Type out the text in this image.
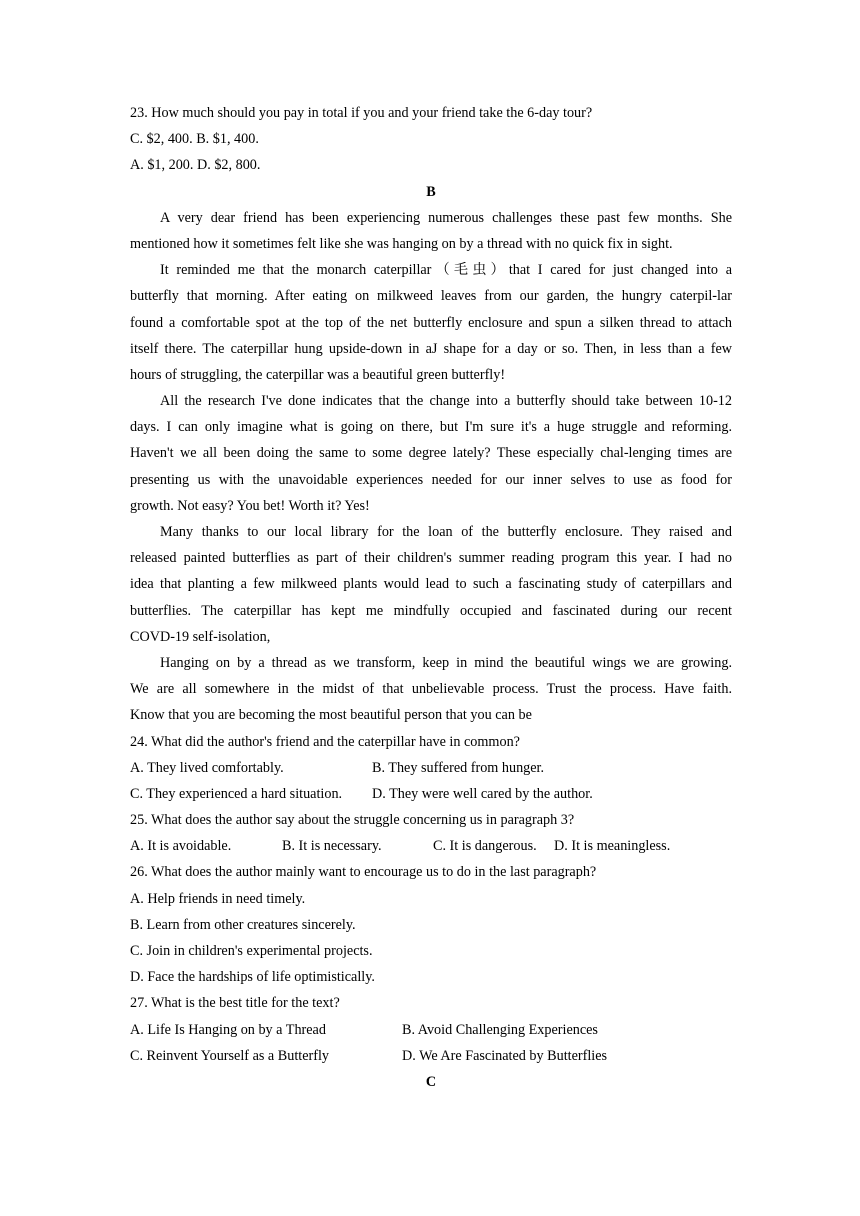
23. How much should you pay in total if you and your friend take the 6-day tour?
C. $2, 400. B. $1, 400.
A. $1, 200. D. $2, 800.
B
A very dear friend has been experiencing numerous challenges these past few months. She
mentioned how it sometimes felt like she was hanging on by a thread with no quick fix in sight.
It reminded me that the monarch caterpillar（毛虫）that I cared for just changed into a
butterfly that morning. After eating on milkweed leaves from our garden, the hungry caterpil-lar
found a comfortable spot at the top of the net butterfly enclosure and spun a silken thread to attach
itself there. The caterpillar hung upside-down in aJ shape for a day or so. Then, in less than a few
hours of struggling, the caterpillar was a beautiful green butterfly!
All the research I've done indicates that the change into a butterfly should take between 10-12
days. I can only imagine what is going on there, but I'm sure it's a huge struggle and reforming.
Haven't we all been doing the same to some degree lately? These especially chal-lenging times are
presenting us with the unavoidable experiences needed for our inner selves to use as food for
growth. Not easy? You bet! Worth it? Yes!
Many thanks to our local library for the loan of the butterfly enclosure. They raised and
released painted butterflies as part of their children's summer reading program this year. I had no
idea that planting a few milkweed plants would lead to such a fascinating study of caterpillars and
butterflies. The caterpillar has kept me mindfully occupied and fascinated during our recent
COVD-19 self-isolation,
Hanging on by a thread as we transform, keep in mind the beautiful wings we are growing.
We are all somewhere in the midst of that unbelievable process. Trust the process. Have faith.
Know that you are becoming the most beautiful person that you can be
24. What did the author's friend and the caterpillar have in common?
A. They lived comfortably.	B. They suffered from hunger.
C. They experienced a hard situation.	D. They were well cared by the author.
25. What does the author say about the struggle concerning us in paragraph 3?
A. It is avoidable.	B. It is necessary.	C. It is dangerous.	D. It is meaningless.
26. What does the author mainly want to encourage us to do in the last paragraph?
A. Help friends in need timely.
B. Learn from other creatures sincerely.
C. Join in children's experimental projects.
D. Face the hardships of life optimistically.
27. What is the best title for the text?
A. Life Is Hanging on by a Thread	B. Avoid Challenging Experiences
C. Reinvent Yourself as a Butterfly	D. We Are Fascinated by Butterflies
C
